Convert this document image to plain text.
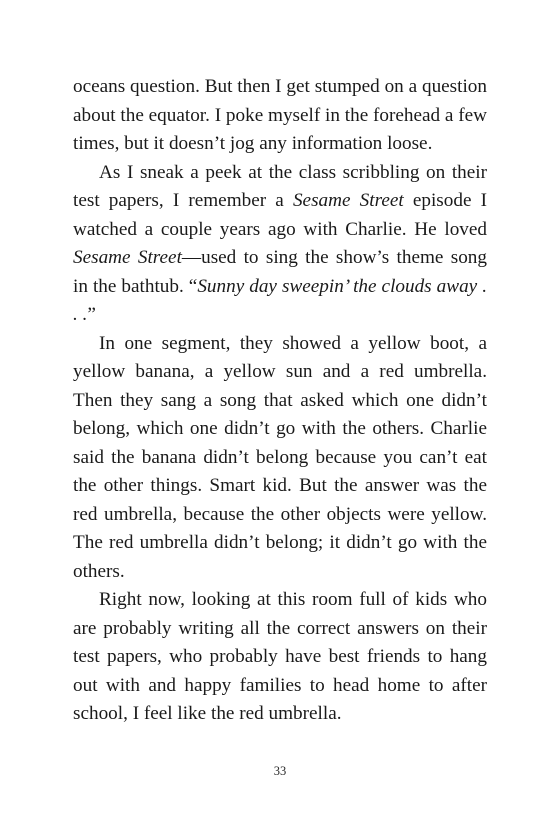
oceans question. But then I get stumped on a question about the equator. I poke myself in the forehead a few times, but it doesn’t jog any information loose.

As I sneak a peek at the class scribbling on their test papers, I remember a Sesame Street episode I watched a couple years ago with Charlie. He loved Sesame Street—used to sing the show’s theme song in the bathtub. “Sunny day sweepin’ the clouds away . . .”

In one segment, they showed a yellow boot, a yellow banana, a yellow sun and a red umbrella. Then they sang a song that asked which one didn’t belong, which one didn’t go with the others. Charlie said the banana didn’t belong because you can’t eat the other things. Smart kid. But the answer was the red umbrella, because the other objects were yellow. The red umbrella didn’t belong; it didn’t go with the others.

Right now, looking at this room full of kids who are probably writing all the correct answers on their test papers, who probably have best friends to hang out with and happy families to head home to after school, I feel like the red umbrella.

33
